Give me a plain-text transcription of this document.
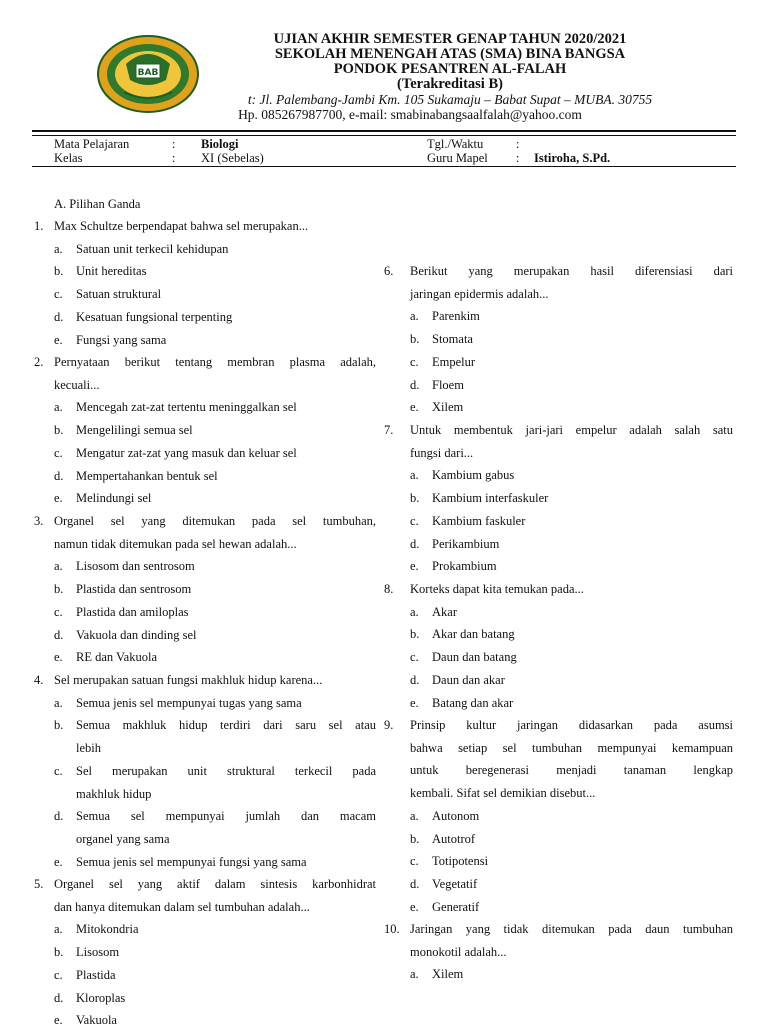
BAB
UJIAN AKHIR SEMESTER GENAP TAHUN 2020/2021
SEKOLAH MENENGAH ATAS (SMA) BINA BANGSA
PONDOK PESANTREN AL-FALAH
(Terakreditasi B)
t: Jl. Palembang-Jambi Km. 105 Sukamaju – Babat Supat – MUBA. 30755
Hp. 085267987700, e-mail: smabinabangsaalfalah@yahoo.com
Mata Pelajaran	: Biologi
Kelas	: XI (Sebelas)
Tgl./Waktu	:
Guru Mapel : Istiroha, S.Pd.
A. Pilihan Ganda
1. Max Schultze berpendapat bahwa sel merupakan...
a. Satuan unit terkecil kehidupan
b. Unit hereditas
c. Satuan struktural
d. Kesatuan fungsional terpenting
e. Fungsi yang sama
2. Pernyataan berikut tentang membran plasma adalah,
kecuali...
a. Mencegah zat-zat tertentu meninggalkan sel
b. Mengelilingi semua sel
c. Mengatur zat-zat yang masuk dan keluar sel
d. Mempertahankan bentuk sel
e. Melindungi sel
3. Organel sel yang ditemukan pada sel tumbuhan,
namun tidak ditemukan pada sel hewan adalah...
a. Lisosom dan sentrosom
b. Plastida dan sentrosom
c. Plastida dan amiloplas
d. Vakuola dan dinding sel
e. RE dan Vakuola
4. Sel merupakan satuan fungsi makhluk hidup karena...
a. Semua jenis sel mempunyai tugas yang sama
b. Semua makhluk hidup terdiri dari saru sel atau
lebih
c. Sel merupakan unit struktural terkecil pada
makhluk hidup
d. Semua sel mempunyai jumlah dan macam
organel yang sama
e. Semua jenis sel mempunyai fungsi yang sama
5. Organel sel yang aktif dalam sintesis karbonhidrat
dan hanya ditemukan dalam sel tumbuhan adalah...
a. Mitokondria
b. Lisosom
c. Plastida
d. Kloroplas
e. Vakuola
6. Berikut yang merupakan hasil diferensiasi dari
jaringan epidermis adalah...
a. Parenkim
b. Stomata
c. Empelur
d. Floem
e. Xilem
7. Untuk membentuk jari-jari empelur adalah salah satu
fungsi dari...
a. Kambium gabus
b. Kambium interfaskuler
c. Kambium faskuler
d. Perikambium
e. Prokambium
8. Korteks dapat kita temukan pada...
a. Akar
b. Akar dan batang
c. Daun dan batang
d. Daun dan akar
e. Batang dan akar
9. Prinsip kultur jaringan didasarkan pada asumsi
bahwa setiap sel tumbuhan mempunyai kemampuan
untuk beregenerasi menjadi tanaman lengkap
kembali. Sifat sel demikian disebut...
a. Autonom
b. Autotrof
c. Totipotensi
d. Vegetatif
e. Generatif
10. Jaringan yang tidak ditemukan pada daun tumbuhan
monokotil adalah...
a. Xilem
